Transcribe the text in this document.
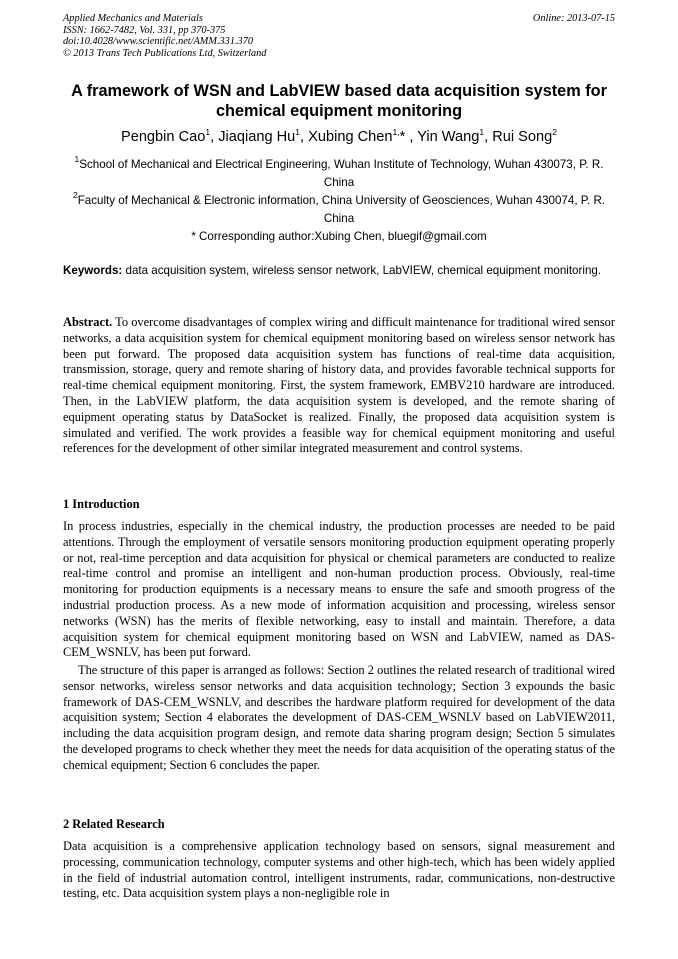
Applied Mechanics and Materials
ISSN: 1662-7482, Vol. 331, pp 370-375
doi:10.4028/www.scientific.net/AMM.331.370
© 2013 Trans Tech Publications Ltd, Switzerland
Online: 2013-07-15
A framework of WSN and LabVIEW based data acquisition system for chemical equipment monitoring
Pengbin Cao$^1$, Jiaqiang Hu$^1$, Xubing Chen$^{1,}$* , Yin Wang$^1$, Rui Song$^2$
$^1$School of Mechanical and Electrical Engineering, Wuhan Institute of Technology, Wuhan 430073, P. R. China
$^2$Faculty of Mechanical & Electronic information, China University of Geosciences, Wuhan 430074, P. R. China
* Corresponding author:Xubing Chen, bluegif@gmail.com
Keywords: data acquisition system, wireless sensor network, LabVIEW, chemical equipment monitoring.
Abstract. To overcome disadvantages of complex wiring and difficult maintenance for traditional wired sensor networks, a data acquisition system for chemical equipment monitoring based on wireless sensor network has been put forward. The proposed data acquisition system has functions of real-time data acquisition, transmission, storage, query and remote sharing of history data, and provides favorable technical supports for real-time chemical equipment monitoring. First, the system framework, EMBV210 hardware are introduced. Then, in the LabVIEW platform, the data acquisition system is developed, and the remote sharing of equipment operating status by DataSocket is realized. Finally, the proposed data acquisition system is simulated and verified. The work provides a feasible way for chemical equipment monitoring and useful references for the development of other similar integrated measurement and control systems.
1 Introduction
In process industries, especially in the chemical industry, the production processes are needed to be paid attentions. Through the employment of versatile sensors monitoring production equipment operating properly or not, real-time perception and data acquisition for physical or chemical parameters are conducted to realize real-time control and promise an intelligent and non-human production process. Obviously, real-time monitoring for production equipments is a necessary means to ensure the safe and smooth progress of the industrial production process. As a new mode of information acquisition and processing, wireless sensor networks (WSN) has the merits of flexible networking, easy to install and maintain. Therefore, a data acquisition system for chemical equipment monitoring based on WSN and LabVIEW, named as DAS-CEM_WSNLV, has been put forward.
The structure of this paper is arranged as follows: Section 2 outlines the related research of traditional wired sensor networks, wireless sensor networks and data acquisition technology; Section 3 expounds the basic framework of DAS-CEM_WSNLV, and describes the hardware platform required for development of the data acquisition system; Section 4 elaborates the development of DAS-CEM_WSNLV based on LabVIEW2011, including the data acquisition program design, and remote data sharing program design; Section 5 simulates the developed programs to check whether they meet the needs for data acquisition of the operating status of the chemical equipment; Section 6 concludes the paper.
2 Related Research
Data acquisition is a comprehensive application technology based on sensors, signal measurement and processing, communication technology, computer systems and other high-tech, which has been widely applied in the field of industrial automation control, intelligent instruments, radar, communications, non-destructive testing, etc. Data acquisition system plays a non-negligible role in
